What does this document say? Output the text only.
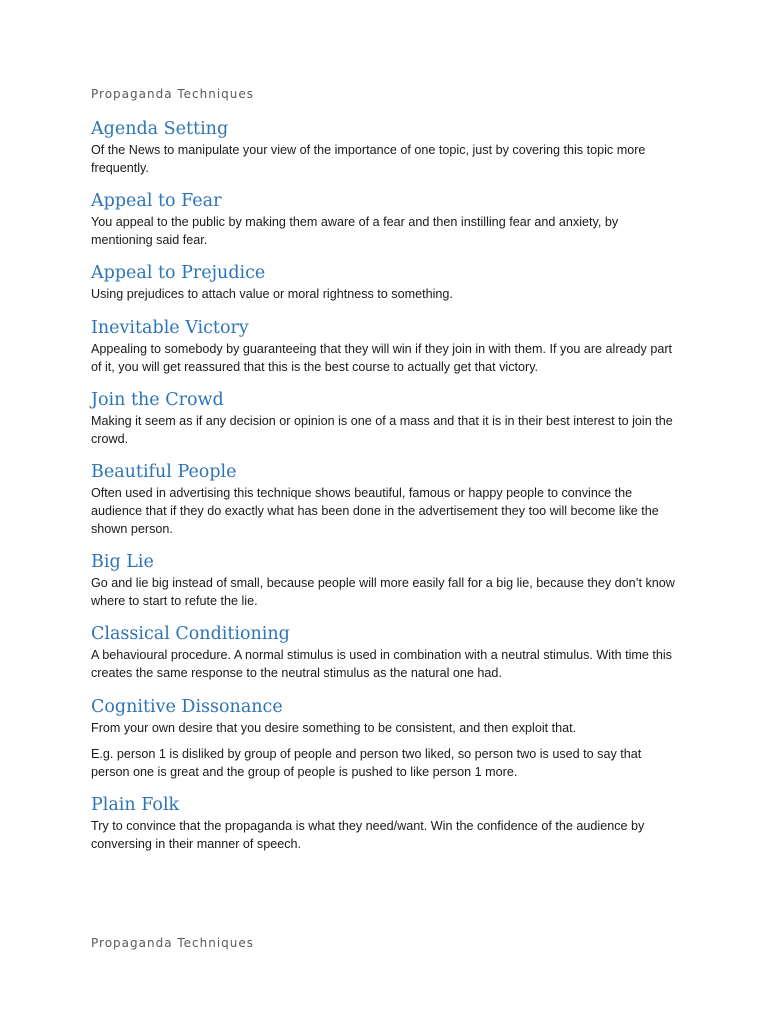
Propaganda Techniques
Agenda Setting

Of the News to manipulate your view of the importance of one topic, just by covering this topic more frequently.

Appeal to Fear

You appeal to the public by making them aware of a fear and then instilling fear and anxiety, by mentioning said fear.

Appeal to Prejudice

Using prejudices to attach value or moral rightness to something.

Inevitable Victory

Appealing to somebody by guaranteeing that they will win if they join in with them. If you are already part of it, you will get reassured that this is the best course to actually get that victory.

Join the Crowd

Making it seem as if any decision or opinion is one of a mass and that it is in their best interest to join the crowd.

Beautiful People

Often used in advertising this technique shows beautiful, famous or happy people to convince the audience that if they do exactly what has been done in the advertisement they too will become like the shown person.

Big Lie

Go and lie big instead of small, because people will more easily fall for a big lie, because they don’t know where to start to refute the lie.

Classical Conditioning

A behavioural procedure. A normal stimulus is used in combination with a neutral stimulus. With time this creates the same response to the neutral stimulus as the natural one had.

Cognitive Dissonance

From your own desire that you desire something to be consistent, and then exploit that.

E.g. person 1 is disliked by group of people and person two liked, so person two is used to say that person one is great and the group of people is pushed to like person 1 more.

Plain Folk

Try to convince that the propaganda is what they need/want. Win the confidence of the audience by conversing in their manner of speech.

Propaganda Techniques
